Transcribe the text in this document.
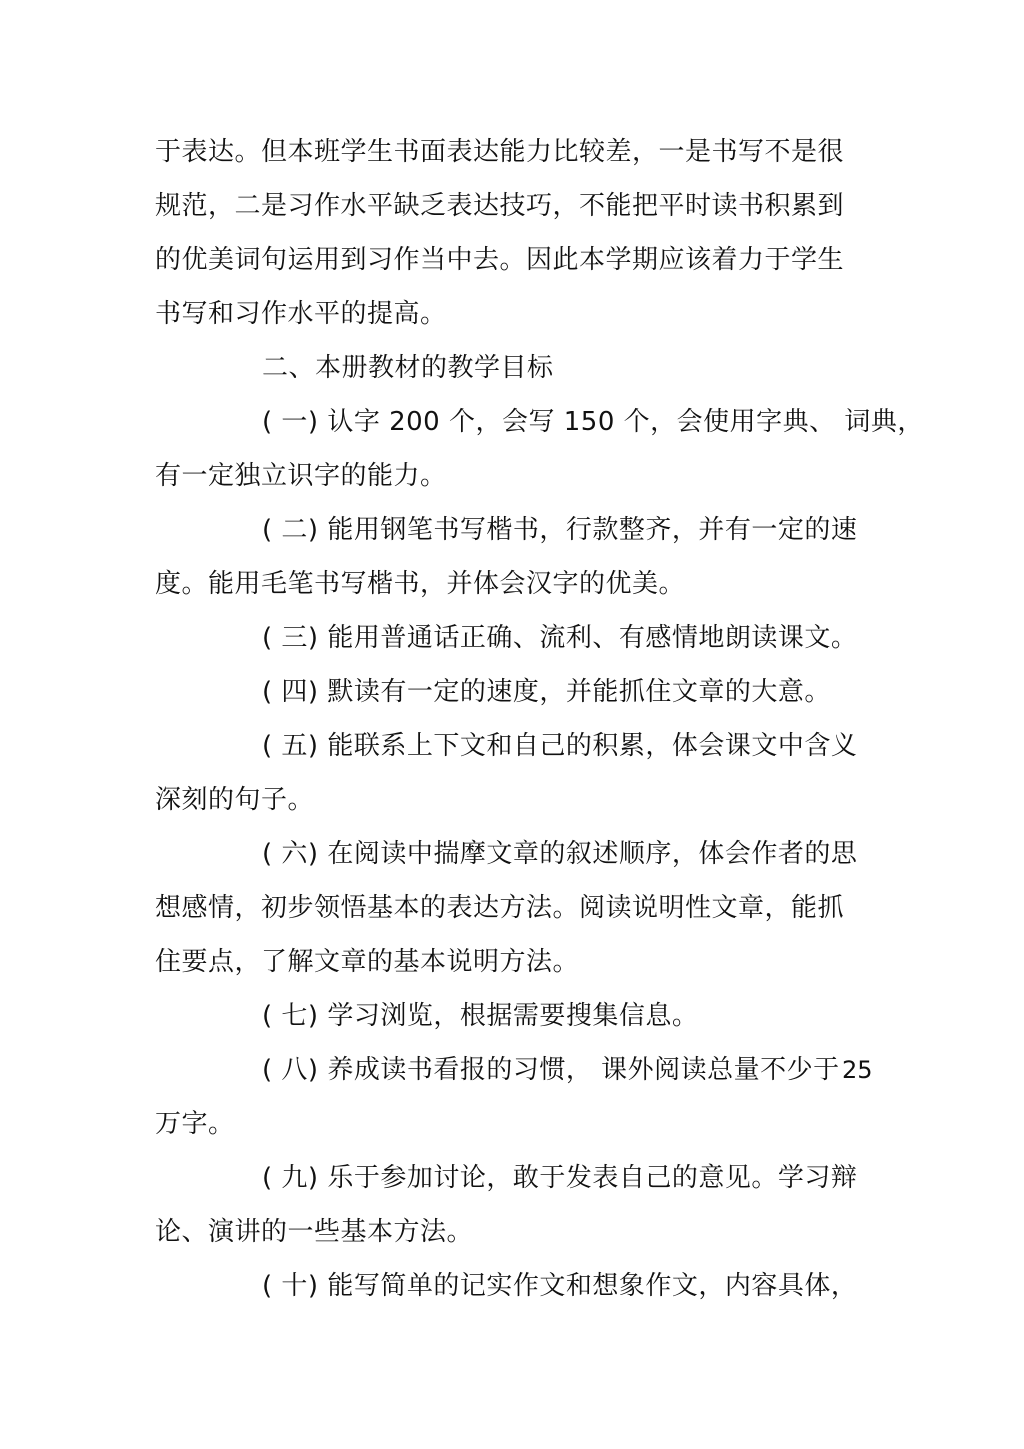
于表达。但本班学生书面表达能力比较差，一是书写不是很
规范，二是习作水平缺乏表达技巧，不能把平时读书积累到
的优美词句运用到习作当中去。因此本学期应该着力于学生
书写和习作水平的提高。
二、本册教材的教学目标
( 一) 认字 200 个，会写 150 个，会使用字典、 词典，
有一定独立识字的能力。
( 二) 能用钢笔书写楷书，行款整齐，并有一定的速
度。能用毛笔书写楷书，并体会汉字的优美。
( 三) 能用普通话正确、流利、有感情地朗读课文。
( 四) 默读有一定的速度，并能抓住文章的大意。
( 五) 能联系上下文和自己的积累，体会课文中含义
深刻的句子。
( 六) 在阅读中揣摩文章的叙述顺序，体会作者的思
想感情，初步领悟基本的表达方法。阅读说明性文章，能抓
住要点，了解文章的基本说明方法。
( 七) 学习浏览，根据需要搜集信息。
( 八) 养成读书看报的习惯， 课外阅读总量不少于 25
万字。
( 九) 乐于参加讨论，敢于发表自己的意见。学习辩
论、演讲的一些基本方法。
( 十) 能写简单的记实作文和想象作文，内容具体，
